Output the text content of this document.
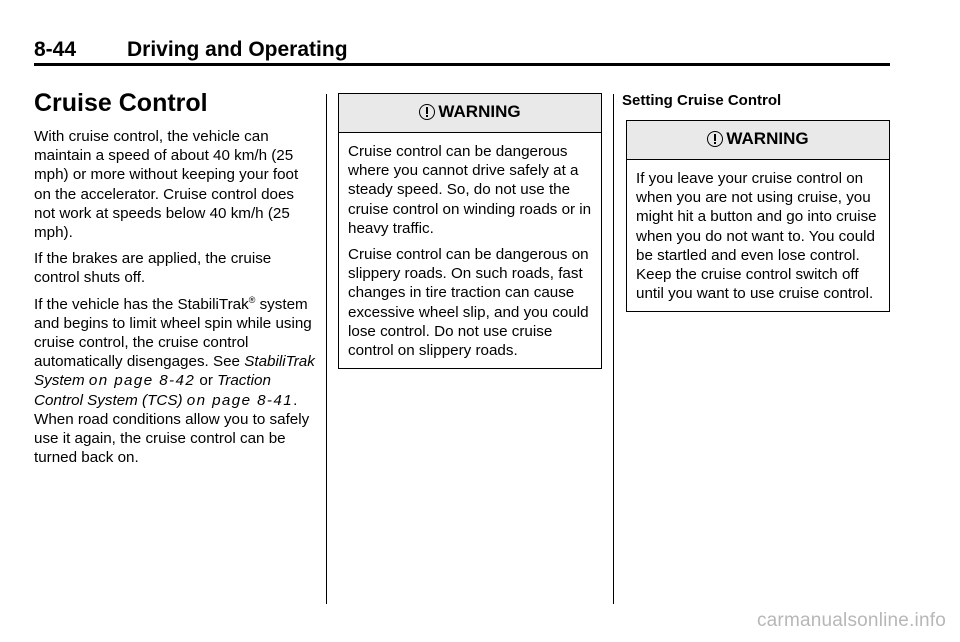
8-44 Driving and Operating
Cruise Control

With cruise control, the vehicle can maintain a speed of about 40 km/h (25 mph) or more without keeping your foot on the accelerator. Cruise control does not work at speeds below 40 km/h (25 mph).

If the brakes are applied, the cruise control shuts off.

If the vehicle has the StabiliTrak® system and begins to limit wheel spin while using cruise control, the cruise control automatically disengages. See StabiliTrak System on page 8-42 or Traction Control System (TCS) on page 8-41. When road conditions allow you to safely use it again, the cruise control can be turned back on.

WARNING

Cruise control can be dangerous where you cannot drive safely at a steady speed. So, do not use the cruise control on winding roads or in heavy traffic.

Cruise control can be dangerous on slippery roads. On such roads, fast changes in tire traction can cause excessive wheel slip, and you could lose control. Do not use cruise control on slippery roads.

Setting Cruise Control
WARNING

If you leave your cruise control on when you are not using cruise, you might hit a button and go into cruise when you do not want to. You could be startled and even lose control. Keep the cruise control switch off until you want to use cruise control.

carmanualsonline.info
